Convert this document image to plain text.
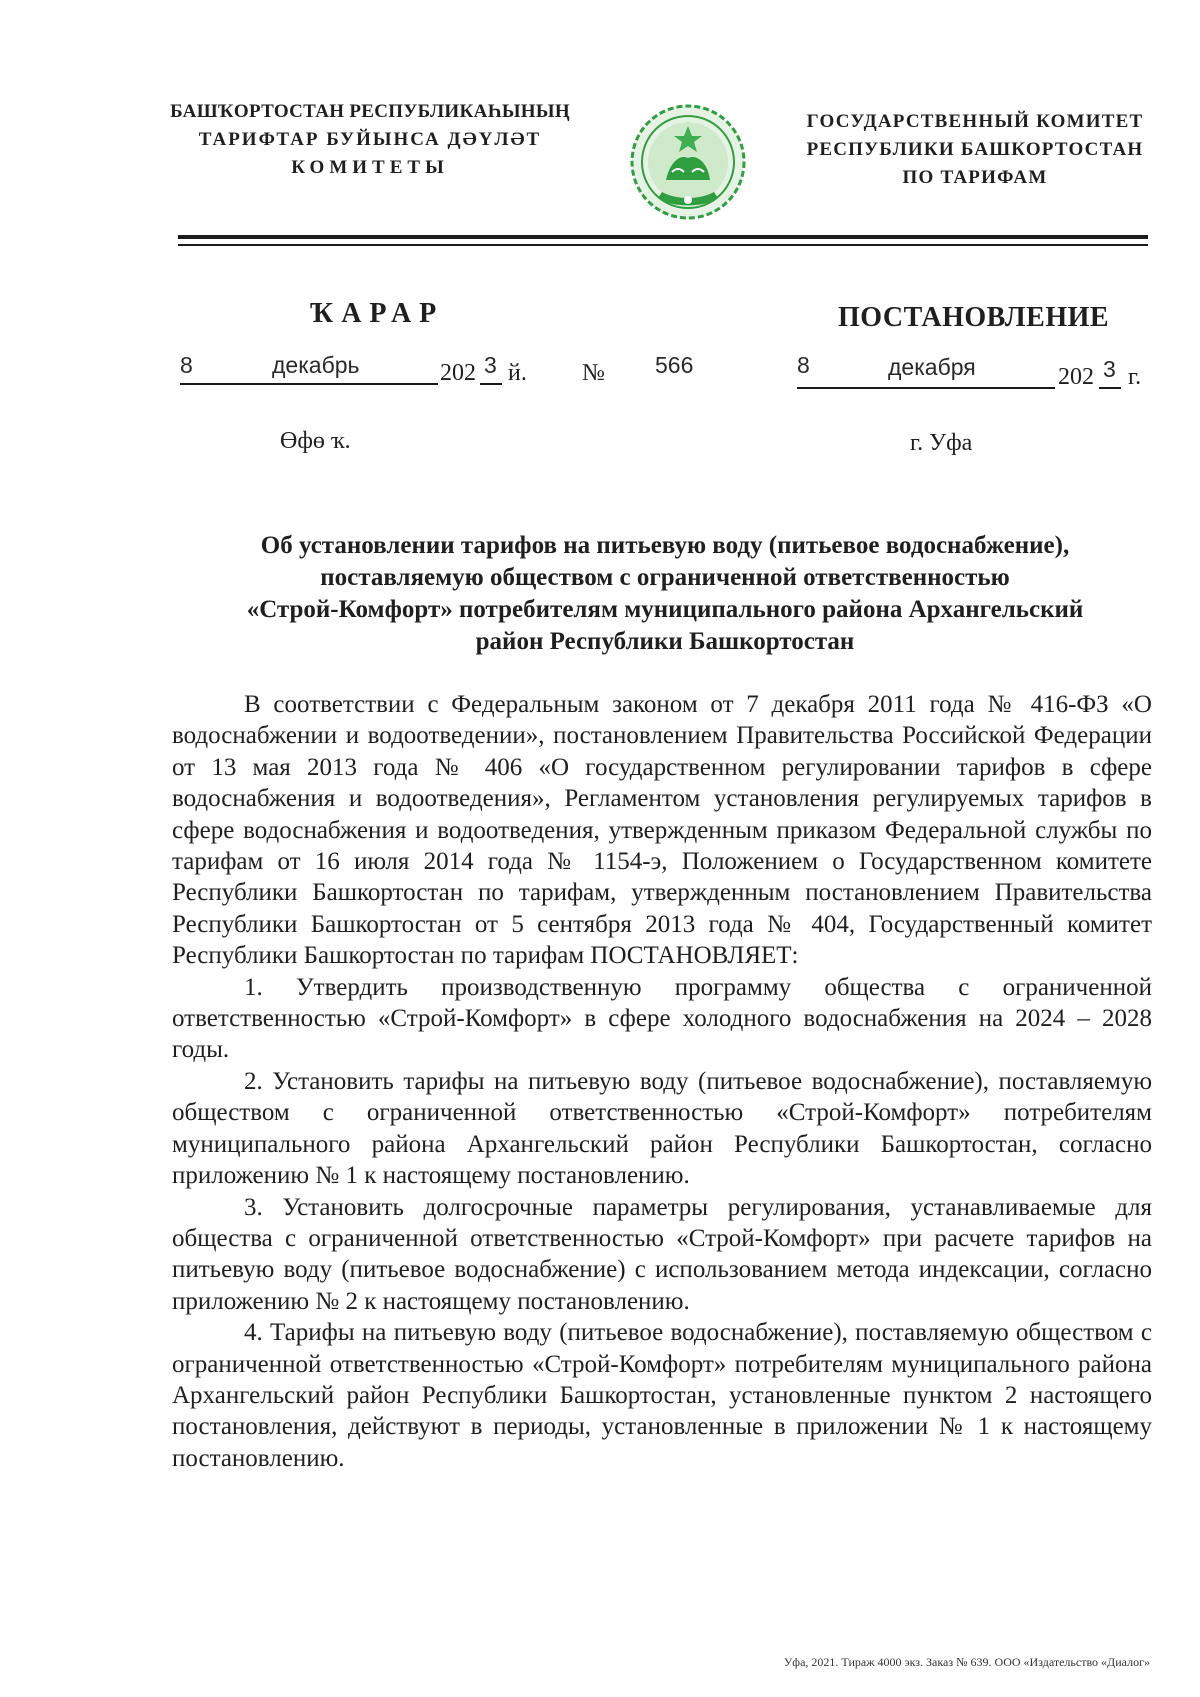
БАШҠОРТОСТАН РЕСПУБЛИКАҺЫНЫҢ
ТАРИФТАР БУЙЫНСА ДӘҮЛӘТ
КОМИТЕТЫ
ГОСУДАРСТВЕННЫЙ КОМИТЕТ
РЕСПУБЛИКИ БАШКОРТОСТАН
ПО ТАРИФАМ
ҠАРАР	ПОСТАНОВЛЕНИЕ
8	декабрь	202 3 й. № 566	8	декабря	202 3 г.
Өфө ҡ.	г. Уфа
Об установлении тарифов на питьевую воду (питьевое водоснабжение),
поставляемую обществом с ограниченной ответственностью
«Строй-Комфорт» потребителям муниципального района Архангельский
район Республики Башкортостан

В соответствии с Федеральным законом от 7 декабря 2011 года № 416-ФЗ «О водоснабжении и водоотведении», постановлением Правительства Российской Федерации от 13 мая 2013 года № 406 «О государственном регулировании тарифов в сфере водоснабжения и водоотведения», Регламентом установления регулируемых тарифов в сфере водоснабжения и водоотведения, утвержденным приказом Федеральной службы по тарифам от 16 июля 2014 года № 1154-э, Положением о Государственном комитете Республики Башкортостан по тарифам, утвержденным постановлением Правительства Республики Башкортостан от 5 сентября 2013 года № 404, Государственный комитет Республики Башкортостан по тарифам ПОСТАНОВЛЯЕТ:

1. Утвердить производственную программу общества с ограниченной ответственностью «Строй-Комфорт» в сфере холодного водоснабжения на 2024 – 2028 годы.

2. Установить тарифы на питьевую воду (питьевое водоснабжение), поставляемую обществом с ограниченной ответственностью «Строй-Комфорт» потребителям муниципального района Архангельский район Республики Башкортостан, согласно приложению № 1 к настоящему постановлению.

3. Установить долгосрочные параметры регулирования, устанавливаемые для общества с ограниченной ответственностью «Строй-Комфорт» при расчете тарифов на питьевую воду (питьевое водоснабжение) с использованием метода индексации, согласно приложению № 2 к настоящему постановлению.

4. Тарифы на питьевую воду (питьевое водоснабжение), поставляемую обществом с ограниченной ответственностью «Строй-Комфорт» потребителям муниципального района Архангельский район Республики Башкортостан, установленные пунктом 2 настоящего постановления, действуют в периоды, установленные в приложении № 1 к настоящему постановлению.

Уфа, 2021. Тираж 4000 экз. Заказ № 639. ООО «Издательство «Диалог»
